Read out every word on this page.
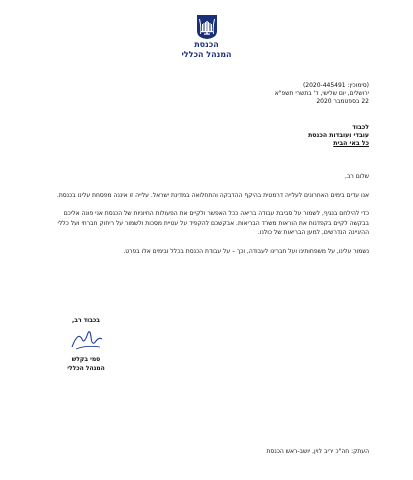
הכנסת
המנהל הכללי
(סימוכין: 2020-445491)
ירושלים, יום שלישי, ד' בתשרי תשפ"א
22 בספטמבר 2020
לכבוד
עובדי ועובדות הכנסת
כל באי הבית

שלום רב,

אנו עדים בימים האחרונים לעלייה דרמטית בהיקף ההדבקה והתחלואה במדינת ישראל. עלייה זו איננה מפסחת עלינו בכנסת.

כדי להילחם בנגיף, לשמור על סביבת עבודה בריאה ככל האפשר ולקיים את הפעולות החיוניות של הכנסת אני פונה אליכם בבקשה לקיים בקפדנות את הוראות משרד הבריאות. אבקשכם להקפיד על עטיית מסכות ולשמור על ריחוק חברתי ועל כללי ההיגיינה הנדרשים, למען הבריאות של כולנו.

נשמור עלינו, על משפחותינו ועל חברינו לעבודה, וכך – על עבודת הכנסת בכלל ובימים אלו בפרט.

בכבוד רב,
סמי בקלש
המנהל הכללי
העתק: חה"כ יריב לוין, יושב-ראש הכנסת
